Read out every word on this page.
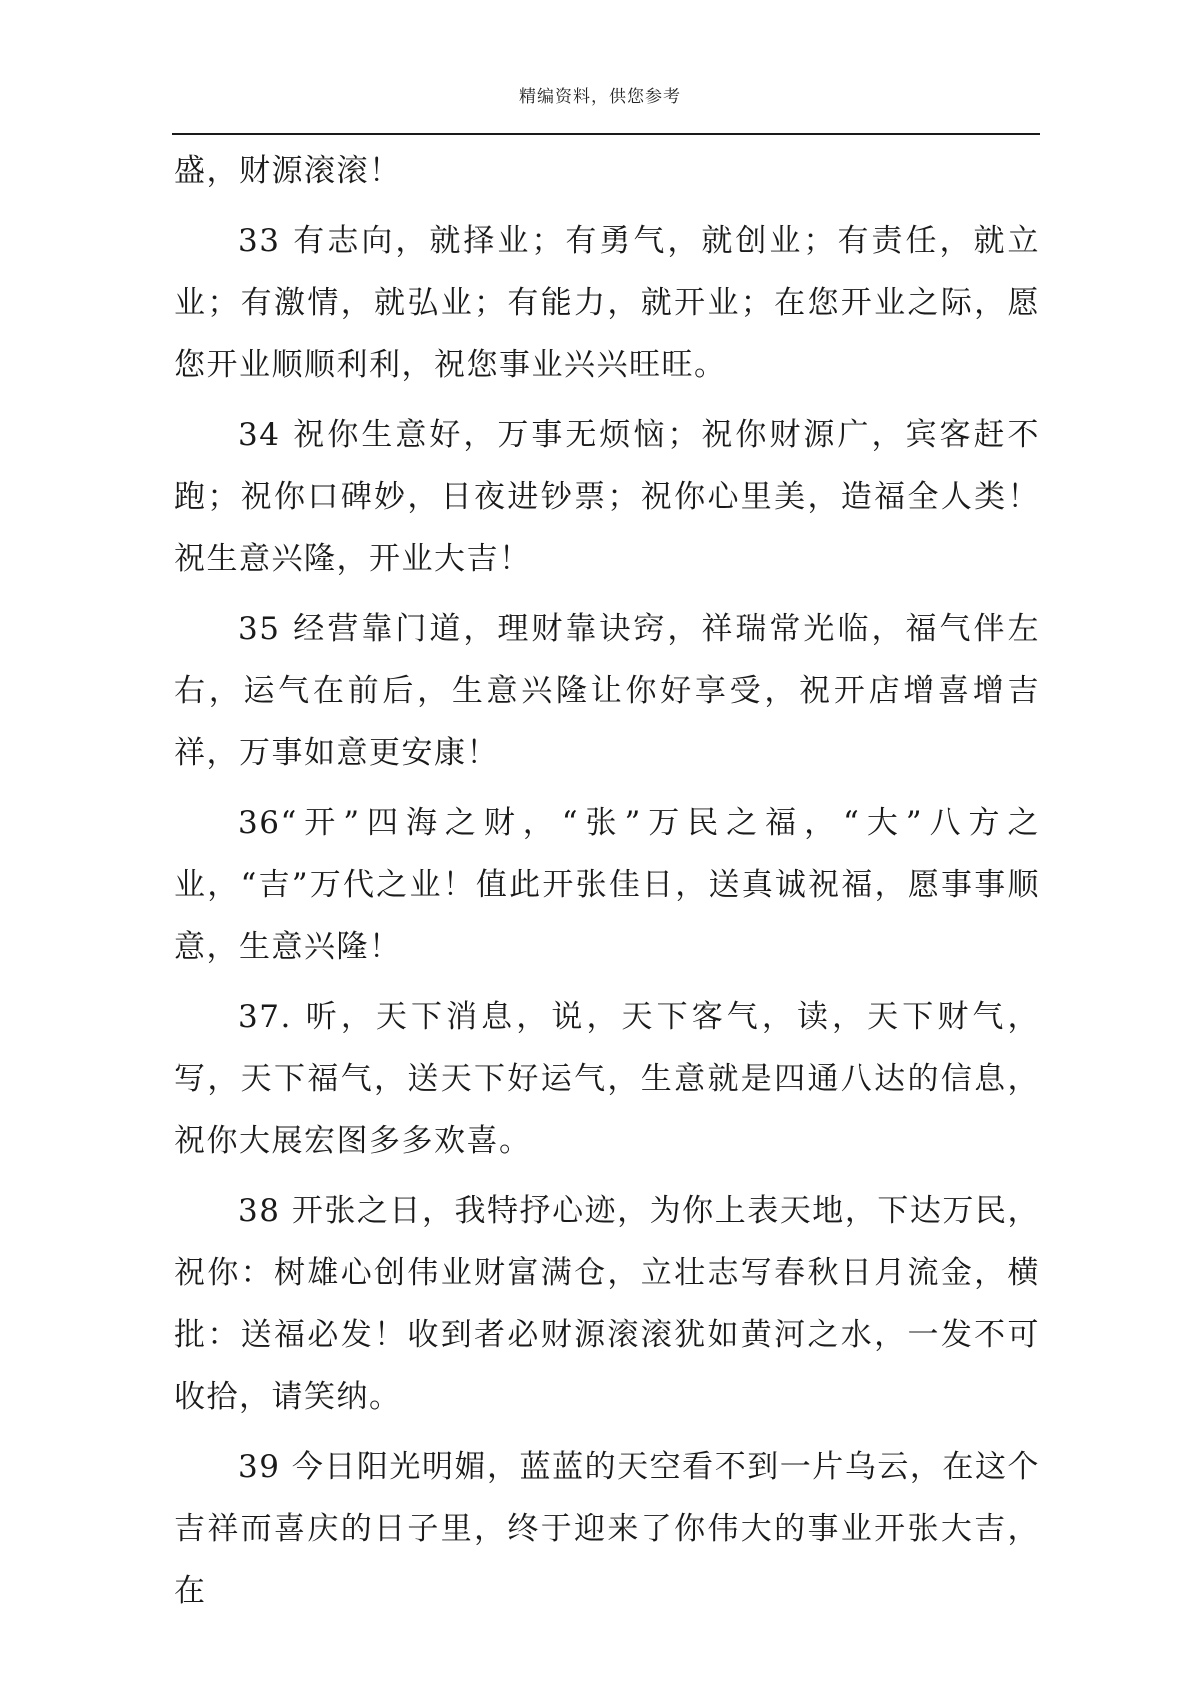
精编资料，供您参考

盛，财源滚滚！

33 有志向，就择业；有勇气，就创业；有责任，就立业；有激情，就弘业；有能力，就开业；在您开业之际，愿您开业顺顺利利，祝您事业兴兴旺旺。

34 祝你生意好，万事无烦恼；祝你财源广，宾客赶不跑；祝你口碑妙，日夜进钞票；祝你心里美，造福全人类！祝生意兴隆，开业大吉！

35 经营靠门道，理财靠诀窍，祥瑞常光临，福气伴左右，运气在前后，生意兴隆让你好享受，祝开店增喜增吉祥，万事如意更安康！

36“开”四海之财，“张”万民之福，“大”八方之业，“吉”万代之业！值此开张佳日，送真诚祝福，愿事事顺意，生意兴隆！

37. 听，天下消息，说，天下客气，读，天下财气，写，天下福气，送天下好运气，生意就是四通八达的信息，祝你大展宏图多多欢喜。

38 开张之日，我特抒心迹，为你上表天地，下达万民，祝你：树雄心创伟业财富满仓，立壮志写春秋日月流金，横批：送福必发！收到者必财源滚滚犹如黄河之水，一发不可收拾，请笑纳。

39 今日阳光明媚，蓝蓝的天空看不到一片乌云，在这个吉祥而喜庆的日子里，终于迎来了你伟大的事业开张大吉，在
